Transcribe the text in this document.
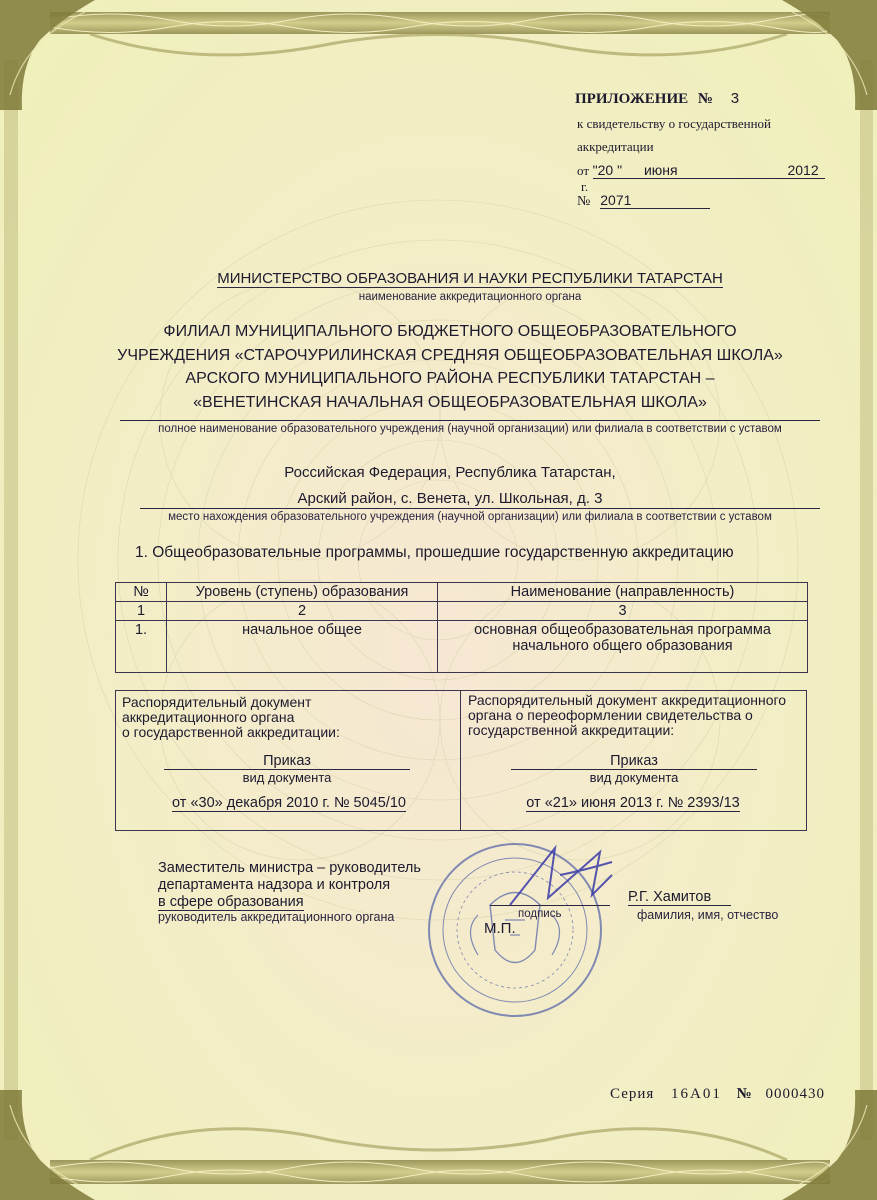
ПРИЛОЖЕНИЕ № 3
к свидетельству о государственной
аккредитации
от "20 " июня	2012
г.
№ 2071
МИНИСТЕРСТВО ОБРАЗОВАНИЯ И НАУКИ РЕСПУБЛИКИ ТАТАРСТАН
наименование аккредитационного органа
ФИЛИАЛ МУНИЦИПАЛЬНОГО БЮДЖЕТНОГО ОБЩЕОБРАЗОВАТЕЛЬНОГО
УЧРЕЖДЕНИЯ «СТАРОЧУРИЛИНСКАЯ СРЕДНЯЯ ОБЩЕОБРАЗОВАТЕЛЬНАЯ ШКОЛА»
АРСКОГО МУНИЦИПАЛЬНОГО РАЙОНА РЕСПУБЛИКИ ТАТАРСТАН –
«ВЕНЕТИНСКАЯ НАЧАЛЬНАЯ ОБЩЕОБРАЗОВАТЕЛЬНАЯ ШКОЛА»
полное наименование образовательного учреждения (научной организации) или филиала в соответствии с уставом
Российская Федерация, Республика Татарстан,
Арский район, с. Венета, ул. Школьная, д. 3
место нахождения образовательного учреждения (научной организации) или филиала в соответствии с уставом
1. Общеобразовательные программы, прошедшие государственную аккредитацию
№	Уровень (ступень) образования	Наименование (направленность)
1	2	3
1.	начальное общее	основная общеобразовательная программа
начального общего образования
Распорядительный документ
аккредитационного органа
о государственной аккредитации:
Приказ
вид документа
от «30» декабря 2010 г. № 5045/10
Распорядительный документ аккредитационного
органа о переоформлении свидетельства о
государственной аккредитации:
Приказ
вид документа
от «21» июня 2013 г. № 2393/13
Заместитель министра – руководитель
департамента надзора и контроля
в сфере образования
руководитель аккредитационного органа	подпись
М.П.
Р.Г. Хамитов
фамилия, имя, отчество
Серия 16А01 № 0000430
